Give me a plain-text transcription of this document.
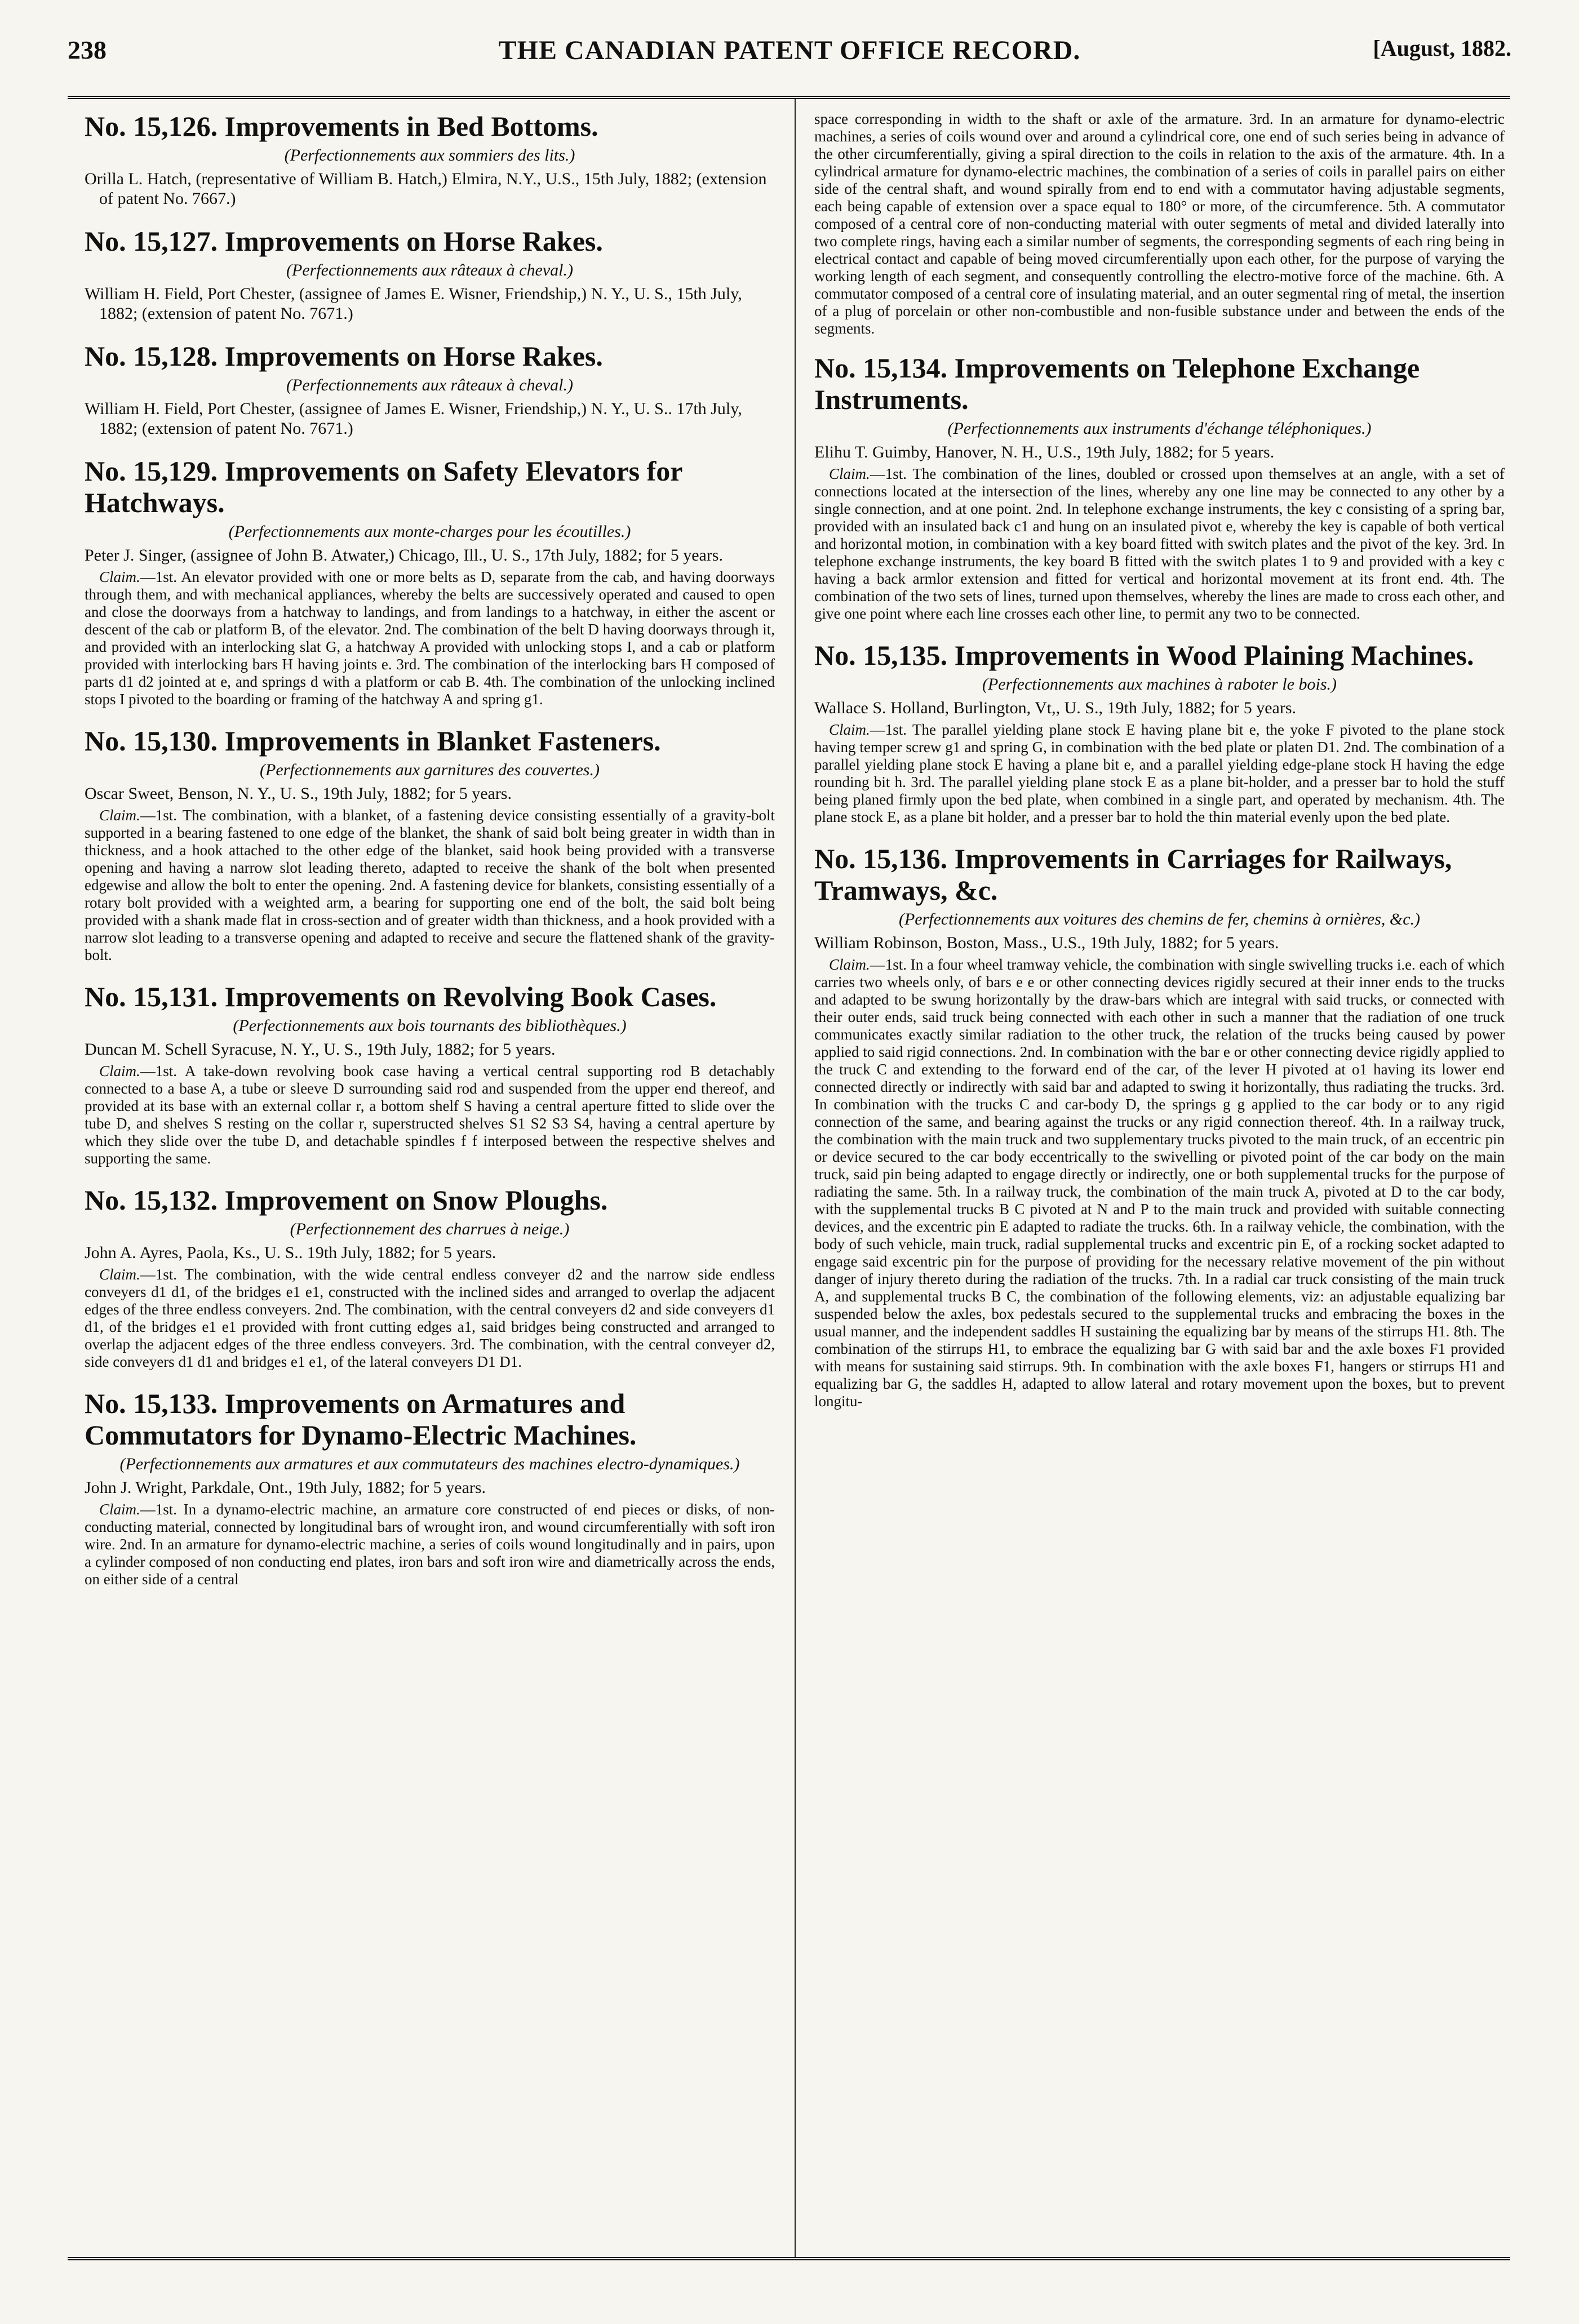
238	THE CANADIAN PATENT OFFICE RECORD.	[August, 1882.
No. 15,126. Improvements in Bed Bottoms.

(Perfectionnements aux sommiers des lits.)

Orilla L. Hatch, (representative of William B. Hatch,) Elmira, N.Y., U.S., 15th July, 1882; (extension of patent No. 7667.)

No. 15,127. Improvements on Horse Rakes.

(Perfectionnements aux râteaux à cheval.)

William H. Field, Port Chester, (assignee of James E. Wisner, Friendship,) N. Y., U. S., 15th July, 1882; (extension of patent No. 7671.)

No. 15,128. Improvements on Horse Rakes.

(Perfectionnements aux râteaux à cheval.)

William H. Field, Port Chester, (assignee of James E. Wisner, Friendship,) N. Y., U. S.. 17th July, 1882; (extension of patent No. 7671.)

No. 15,129. Improvements on Safety Elevators for Hatchways.

(Perfectionnements aux monte-charges pour les écoutilles.)

Peter J. Singer, (assignee of John B. Atwater,) Chicago, Ill., U. S., 17th July, 1882; for 5 years.

Claim.—1st. An elevator provided with one or more belts as D, separate from the cab, and having doorways through them, and with mechanical appliances, whereby the belts are successively operated and caused to open and close the doorways from a hatchway to landings, and from landings to a hatchway, in either the ascent or descent of the cab or platform B, of the elevator. 2nd. The combination of the belt D having doorways through it, and provided with an interlocking slat G, a hatchway A provided with unlocking stops I, and a cab or platform provided with interlocking bars H having joints e. 3rd. The combination of the interlocking bars H composed of parts d1 d2 jointed at e, and springs d with a platform or cab B. 4th. The combination of the unlocking inclined stops I pivoted to the boarding or framing of the hatchway A and spring g1.

No. 15,130. Improvements in Blanket Fasteners.

(Perfectionnements aux garnitures des couvertes.)

Oscar Sweet, Benson, N. Y., U. S., 19th July, 1882; for 5 years.

Claim.—1st. The combination, with a blanket, of a fastening device consisting essentially of a gravity-bolt supported in a bearing fastened to one edge of the blanket, the shank of said bolt being greater in width than in thickness, and a hook attached to the other edge of the blanket, said hook being provided with a transverse opening and having a narrow slot leading thereto, adapted to receive the shank of the bolt when presented edgewise and allow the bolt to enter the opening. 2nd. A fastening device for blankets, consisting essentially of a rotary bolt provided with a weighted arm, a bearing for supporting one end of the bolt, the said bolt being provided with a shank made flat in cross-section and of greater width than thickness, and a hook provided with a narrow slot leading to a transverse opening and adapted to receive and secure the flattened shank of the gravity-bolt.

No. 15,131. Improvements on Revolving Book Cases.

(Perfectionnements aux bois tournants des bibliothèques.)

Duncan M. Schell Syracuse, N. Y., U. S., 19th July, 1882; for 5 years.

Claim.—1st. A take-down revolving book case having a vertical central supporting rod B detachably connected to a base A, a tube or sleeve D surrounding said rod and suspended from the upper end thereof, and provided at its base with an external collar r, a bottom shelf S having a central aperture fitted to slide over the tube D, and shelves S resting on the collar r, superstructed shelves S1 S2 S3 S4, having a central aperture by which they slide over the tube D, and detachable spindles f f interposed between the respective shelves and supporting the same.

No. 15,132. Improvement on Snow Ploughs.

(Perfectionnement des charrues à neige.)

John A. Ayres, Paola, Ks., U. S.. 19th July, 1882; for 5 years.

Claim.—1st. The combination, with the wide central endless conveyer d2 and the narrow side endless conveyers d1 d1, of the bridges e1 e1, constructed with the inclined sides and arranged to overlap the adjacent edges of the three endless conveyers. 2nd. The combination, with the central conveyers d2 and side conveyers d1 d1, of the bridges e1 e1 provided with front cutting edges a1, said bridges being constructed and arranged to overlap the adjacent edges of the three endless conveyers. 3rd. The combination, with the central conveyer d2, side conveyers d1 d1 and bridges e1 e1, of the lateral conveyers D1 D1.

No. 15,133. Improvements on Armatures and Commutators for Dynamo-Electric Machines.

(Perfectionnements aux armatures et aux commutateurs des machines electro-dynamiques.)

John J. Wright, Parkdale, Ont., 19th July, 1882; for 5 years.

Claim.—1st. In a dynamo-electric machine, an armature core constructed of end pieces or disks, of non-conducting material, connected by longitudinal bars of wrought iron, and wound circumferentially with soft iron wire. 2nd. In an armature for dynamo-electric machine, a series of coils wound longitudinally and in pairs, upon a cylinder composed of non conducting end plates, iron bars and soft iron wire and diametrically across the ends, on either side of a central

space corresponding in width to the shaft or axle of the armature. 3rd. In an armature for dynamo-electric machines, a series of coils wound over and around a cylindrical core, one end of such series being in advance of the other circumferentially, giving a spiral direction to the coils in relation to the axis of the armature. 4th. In a cylindrical armature for dynamo-electric machines, the combination of a series of coils in parallel pairs on either side of the central shaft, and wound spirally from end to end with a commutator having adjustable segments, each being capable of extension over a space equal to 180° or more, of the circumference. 5th. A commutator composed of a central core of non-conducting material with outer segments of metal and divided laterally into two complete rings, having each a similar number of segments, the corresponding segments of each ring being in electrical contact and capable of being moved circumferentially upon each other, for the purpose of varying the working length of each segment, and consequently controlling the electro-motive force of the machine. 6th. A commutator composed of a central core of insulating material, and an outer segmental ring of metal, the insertion of a plug of porcelain or other non-combustible and non-fusible substance under and between the ends of the segments.

No. 15,134. Improvements on Telephone Exchange Instruments.

(Perfectionnements aux instruments d'échange téléphoniques.)

Elihu T. Guimby, Hanover, N. H., U.S., 19th July, 1882; for 5 years.

Claim.—1st. The combination of the lines, doubled or crossed upon themselves at an angle, with a set of connections located at the intersection of the lines, whereby any one line may be connected to any other by a single connection, and at one point. 2nd. In telephone exchange instruments, the key c consisting of a spring bar, provided with an insulated back c1 and hung on an insulated pivot e, whereby the key is capable of both vertical and horizontal motion, in combination with a key board fitted with switch plates and the pivot of the key. 3rd. In telephone exchange instruments, the key board B fitted with the switch plates 1 to 9 and provided with a key c having a back armlor extension and fitted for vertical and horizontal movement at its front end. 4th. The combination of the two sets of lines, turned upon themselves, whereby the lines are made to cross each other, and give one point where each line crosses each other line, to permit any two to be connected.

No. 15,135. Improvements in Wood Plaining Machines.

(Perfectionnements aux machines à raboter le bois.)

Wallace S. Holland, Burlington, Vt,, U. S., 19th July, 1882; for 5 years.

Claim.—1st. The parallel yielding plane stock E having plane bit e, the yoke F pivoted to the plane stock having temper screw g1 and spring G, in combination with the bed plate or platen D1. 2nd. The combination of a parallel yielding plane stock E having a plane bit e, and a parallel yielding edge-plane stock H having the edge rounding bit h. 3rd. The parallel yielding plane stock E as a plane bit-holder, and a presser bar to hold the stuff being planed firmly upon the bed plate, when combined in a single part, and operated by mechanism. 4th. The plane stock E, as a plane bit holder, and a presser bar to hold the thin material evenly upon the bed plate.

No. 15,136. Improvements in Carriages for Railways, Tramways, &c.

(Perfectionnements aux voitures des chemins de fer, chemins à ornières, &c.)

William Robinson, Boston, Mass., U.S., 19th July, 1882; for 5 years.

Claim.—1st. In a four wheel tramway vehicle, the combination with single swivelling trucks i.e. each of which carries two wheels only, of bars e e or other connecting devices rigidly secured at their inner ends to the trucks and adapted to be swung horizontally by the draw-bars which are integral with said trucks, or connected with their outer ends, said truck being connected with each other in such a manner that the radiation of one truck communicates exactly similar radiation to the other truck, the relation of the trucks being caused by power applied to said rigid connections. 2nd. In combination with the bar e or other connecting device rigidly applied to the truck C and extending to the forward end of the car, of the lever H pivoted at o1 having its lower end connected directly or indirectly with said bar and adapted to swing it horizontally, thus radiating the trucks. 3rd. In combination with the trucks C and car-body D, the springs g g applied to the car body or to any rigid connection of the same, and bearing against the trucks or any rigid connection thereof. 4th. In a railway truck, the combination with the main truck and two supplementary trucks pivoted to the main truck, of an eccentric pin or device secured to the car body eccentrically to the swivelling or pivoted point of the car body on the main truck, said pin being adapted to engage directly or indirectly, one or both supplemental trucks for the purpose of radiating the same. 5th. In a railway truck, the combination of the main truck A, pivoted at D to the car body, with the supplemental trucks B C pivoted at N and P to the main truck and provided with suitable connecting devices, and the excentric pin E adapted to radiate the trucks. 6th. In a railway vehicle, the combination, with the body of such vehicle, main truck, radial supplemental trucks and excentric pin E, of a rocking socket adapted to engage said excentric pin for the purpose of providing for the necessary relative movement of the pin without danger of injury thereto during the radiation of the trucks. 7th. In a radial car truck consisting of the main truck A, and supplemental trucks B C, the combination of the following elements, viz: an adjustable equalizing bar suspended below the axles, box pedestals secured to the supplemental trucks and embracing the boxes in the usual manner, and the independent saddles H sustaining the equalizing bar by means of the stirrups H1. 8th. The combination of the stirrups H1, to embrace the equalizing bar G with said bar and the axle boxes F1 provided with means for sustaining said stirrups. 9th. In combination with the axle boxes F1, hangers or stirrups H1 and equalizing bar G, the saddles H, adapted to allow lateral and rotary movement upon the boxes, but to prevent longitu-
